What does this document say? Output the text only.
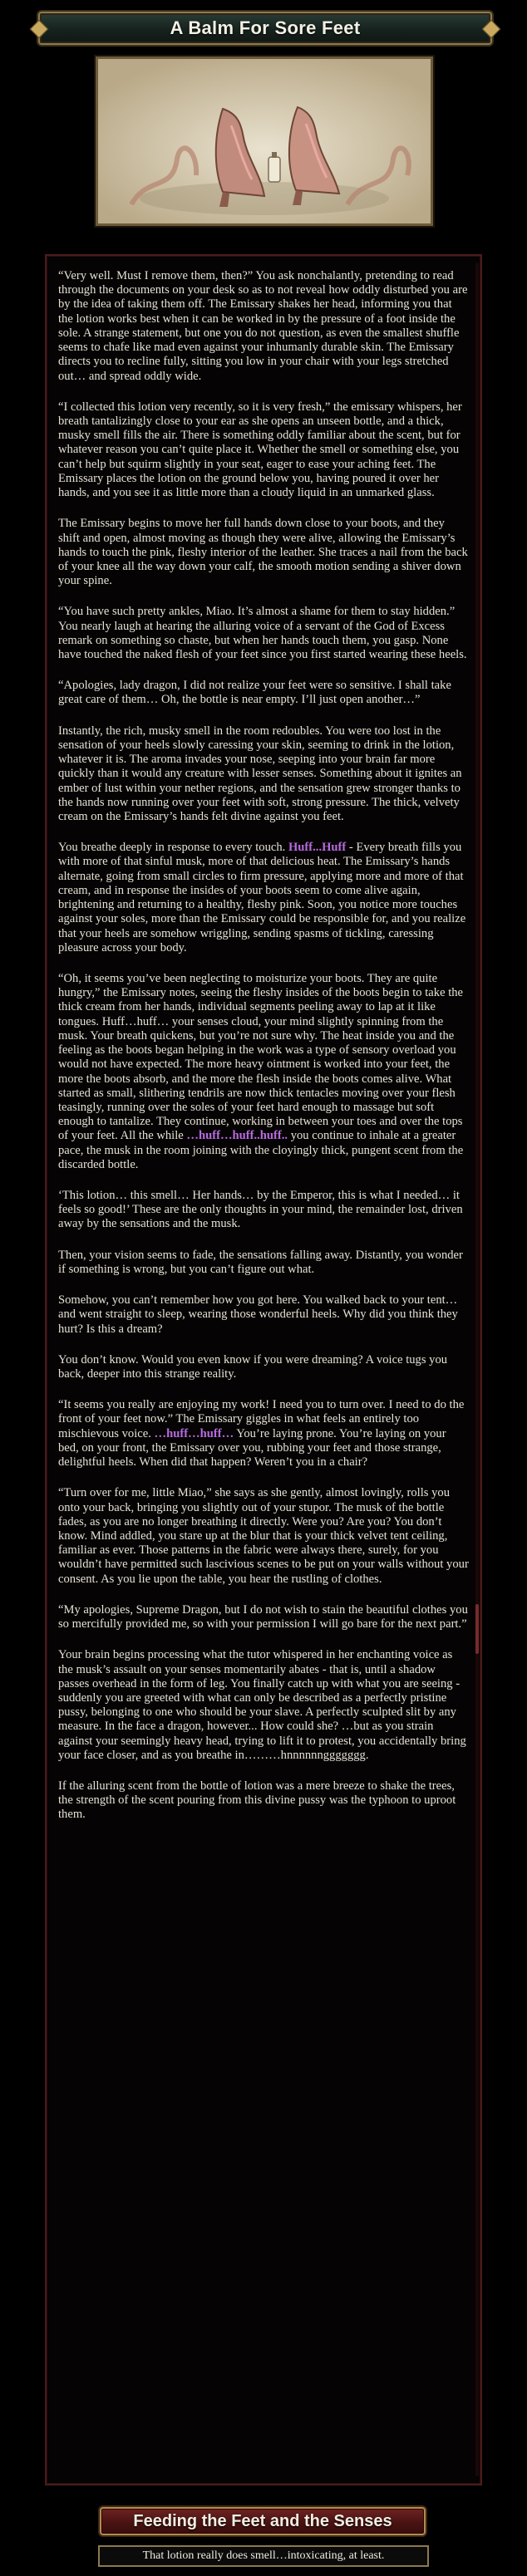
A Balm For Sore Feet

“Very well. Must I remove them, then?” You ask nonchalantly, pretending to read through the documents on your desk so as to not reveal how oddly disturbed you are by the idea of taking them off. The Emissary shakes her head, informing you that the lotion works best when it can be worked in by the pressure of a foot inside the sole. A strange statement, but one you do not question, as even the smallest shuffle seems to chafe like mad even against your inhumanly durable skin. The Emissary directs you to recline fully, sitting you low in your chair with your legs stretched out… and spread oddly wide.

“I collected this lotion very recently, so it is very fresh,” the emissary whispers, her breath tantalizingly close to your ear as she opens an unseen bottle, and a thick, musky smell fills the air. There is something oddly familiar about the scent, but for whatever reason you can’t quite place it. Whether the smell or something else, you can’t help but squirm slightly in your seat, eager to ease your aching feet. The Emissary places the lotion on the ground below you, having poured it over her hands, and you see it as little more than a cloudy liquid in an unmarked glass.

The Emissary begins to move her full hands down close to your boots, and they shift and open, almost moving as though they were alive, allowing the Emissary’s hands to touch the pink, fleshy interior of the leather. She traces a nail from the back of your knee all the way down your calf, the smooth motion sending a shiver down your spine.

“You have such pretty ankles, Miao. It’s almost a shame for them to stay hidden.” You nearly laugh at hearing the alluring voice of a servant of the God of Excess remark on something so chaste, but when her hands touch them, you gasp. None have touched the naked flesh of your feet since you first started wearing these heels.

“Apologies, lady dragon, I did not realize your feet were so sensitive. I shall take great care of them… Oh, the bottle is near empty. I’ll just open another…”

Instantly, the rich, musky smell in the room redoubles. You were too lost in the sensation of your heels slowly caressing your skin, seeming to drink in the lotion, whatever it is. The aroma invades your nose, seeping into your brain far more quickly than it would any creature with lesser senses. Something about it ignites an ember of lust within your nether regions, and the sensation grew stronger thanks to the hands now running over your feet with soft, strong pressure. The thick, velvety cream on the Emissary’s hands felt divine against you feet.

You breathe deeply in response to every touch. Huff...Huff - Every breath fills you with more of that sinful musk, more of that delicious heat. The Emissary’s hands alternate, going from small circles to firm pressure, applying more and more of that cream, and in response the insides of your boots seem to come alive again, brightening and returning to a healthy, fleshy pink. Soon, you notice more touches against your soles, more than the Emissary could be responsible for, and you realize that your heels are somehow wriggling, sending spasms of tickling, caressing pleasure across your body.

“Oh, it seems you’ve been neglecting to moisturize your boots. They are quite hungry,” the Emissary notes, seeing the fleshy insides of the boots begin to take the thick cream from her hands, individual segments peeling away to lap at it like tongues. Huff…huff… your senses cloud, your mind slightly spinning from the musk. Your breath quickens, but you’re not sure why. The heat inside you and the feeling as the boots began helping in the work was a type of sensory overload you would not have expected. The more heavy ointment is worked into your feet, the more the boots absorb, and the more the flesh inside the boots comes alive. What started as small, slithering tendrils are now thick tentacles moving over your flesh teasingly, running over the soles of your feet hard enough to massage but soft enough to tantalize. They continue, working in between your toes and over the tops of your feet. All the while …huff…huff..huff.. you continue to inhale at a greater pace, the musk in the room joining with the cloyingly thick, pungent scent from the discarded bottle.

‘This lotion… this smell… Her hands… by the Emperor, this is what I needed… it feels so good!’ These are the only thoughts in your mind, the remainder lost, driven away by the sensations and the musk.

Then, your vision seems to fade, the sensations falling away. Distantly, you wonder if something is wrong, but you can’t figure out what.

Somehow, you can’t remember how you got here. You walked back to your tent… and went straight to sleep, wearing those wonderful heels. Why did you think they hurt? Is this a dream?

You don’t know. Would you even know if you were dreaming? A voice tugs you back, deeper into this strange reality.

“It seems you really are enjoying my work! I need you to turn over. I need to do the front of your feet now.” The Emissary giggles in what feels an entirely too mischievous voice. …huff…huff… You’re laying prone. You’re laying on your bed, on your front, the Emissary over you, rubbing your feet and those strange, delightful heels. When did that happen? Weren’t you in a chair?

“Turn over for me, little Miao,” she says as she gently, almost lovingly, rolls you onto your back, bringing you slightly out of your stupor. The musk of the bottle fades, as you are no longer breathing it directly. Were you? Are you? You don’t know. Mind addled, you stare up at the blur that is your thick velvet tent ceiling, familiar as ever. Those patterns in the fabric were always there, surely, for you wouldn’t have permitted such lascivious scenes to be put on your walls without your consent. As you lie upon the table, you hear the rustling of clothes.

“My apologies, Supreme Dragon, but I do not wish to stain the beautiful clothes you so mercifully provided me, so with your permission I will go bare for the next part.”

Your brain begins processing what the tutor whispered in her enchanting voice as the musk’s assault on your senses momentarily abates - that is, until a shadow passes overhead in the form of leg. You finally catch up with what you are seeing - suddenly you are greeted with what can only be described as a perfectly pristine pussy, belonging to one who should be your slave. A perfectly sculpted slit by any measure. In the face a dragon, however... How could she? …but as you strain against your seemingly heavy head, trying to lift it to protest, you accidentally bring your face closer, and as you breathe in………hnnnnnnggggggg.

If the alluring scent from the bottle of lotion was a mere breeze to shake the trees, the strength of the scent pouring from this divine pussy was the typhoon to uproot them.

Feeding the Feet and the Senses
That lotion really does smell…intoxicating, at least.
